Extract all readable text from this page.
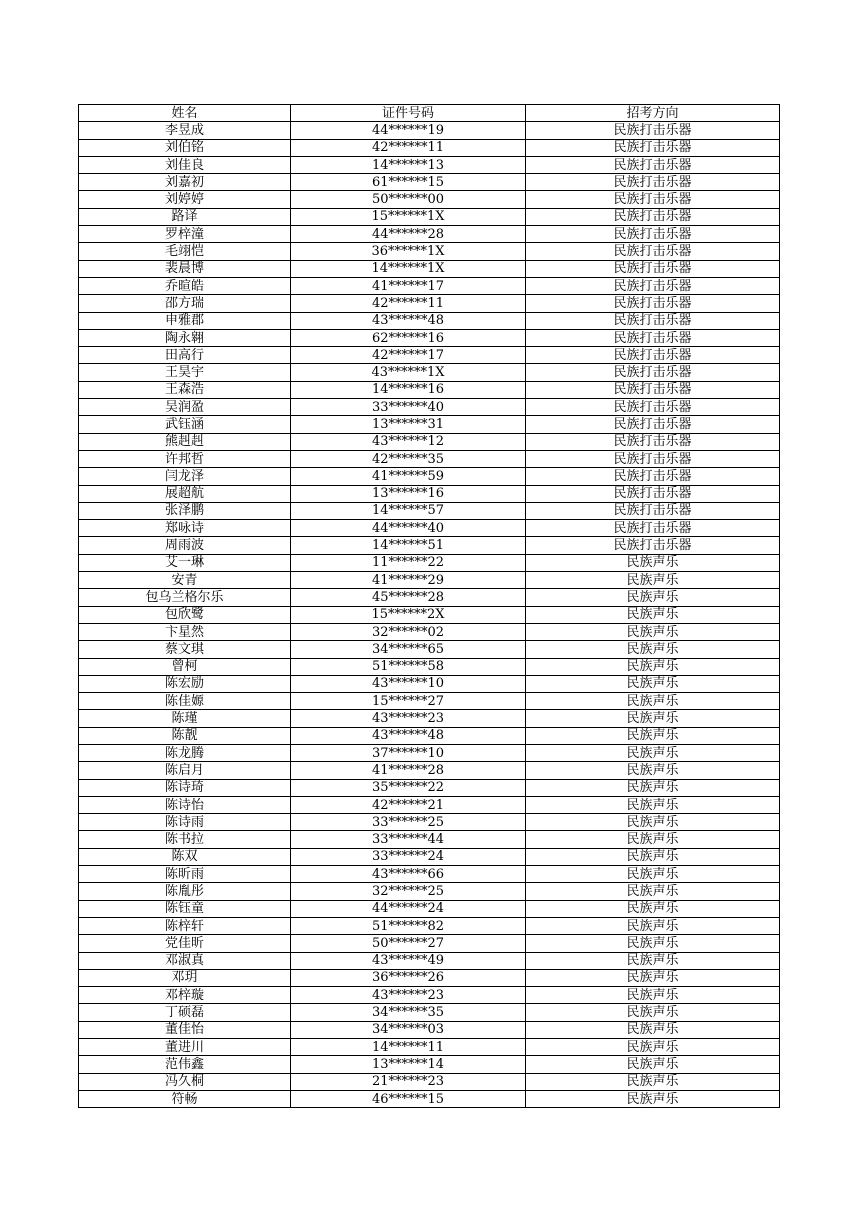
姓名	证件号码	招考方向
李昱成	44******19	民族打击乐器
刘伯铭	42******11	民族打击乐器
刘佳良	14******13	民族打击乐器
刘嘉初	61******15	民族打击乐器
刘婷婷	50******00	民族打击乐器
路译	15******1X	民族打击乐器
罗梓潼	44******28	民族打击乐器
毛翊恺	36******1X	民族打击乐器
裴晨博	14******1X	民族打击乐器
乔暄皓	41******17	民族打击乐器
邵方瑞	42******11	民族打击乐器
申雅郡	43******48	民族打击乐器
陶永翱	62******16	民族打击乐器
田高行	42******17	民族打击乐器
王昊宇	43******1X	民族打击乐器
王森浩	14******16	民族打击乐器
吴润盈	33******40	民族打击乐器
武钰涵	13******31	民族打击乐器
熊赳赳	43******12	民族打击乐器
许邦哲	42******35	民族打击乐器
闫龙泽	41******59	民族打击乐器
展超航	13******16	民族打击乐器
张泽鹏	14******57	民族打击乐器
郑咏诗	44******40	民族打击乐器
周雨波	14******51	民族打击乐器
艾一琳	11******22	民族声乐
安青	41******29	民族声乐
包乌兰格尔乐	45******28	民族声乐
包欣鹭	15******2X	民族声乐
卞星然	32******02	民族声乐
蔡文琪	34******65	民族声乐
曾柯	51******58	民族声乐
陈宏励	43******10	民族声乐
陈佳嫄	15******27	民族声乐
陈瑾	43******23	民族声乐
陈靓	43******48	民族声乐
陈龙腾	37******10	民族声乐
陈启月	41******28	民族声乐
陈诗琦	35******22	民族声乐
陈诗怡	42******21	民族声乐
陈诗雨	33******25	民族声乐
陈书拉	33******44	民族声乐
陈双	33******24	民族声乐
陈昕雨	43******66	民族声乐
陈胤彤	32******25	民族声乐
陈钰童	44******24	民族声乐
陈梓轩	51******82	民族声乐
党佳昕	50******27	民族声乐
邓淑真	43******49	民族声乐
邓玥	36******26	民族声乐
邓梓璇	43******23	民族声乐
丁硕磊	34******35	民族声乐
董佳怡	34******03	民族声乐
董进川	14******11	民族声乐
范伟鑫	13******14	民族声乐
冯久桐	21******23	民族声乐
符畅	46******15	民族声乐
